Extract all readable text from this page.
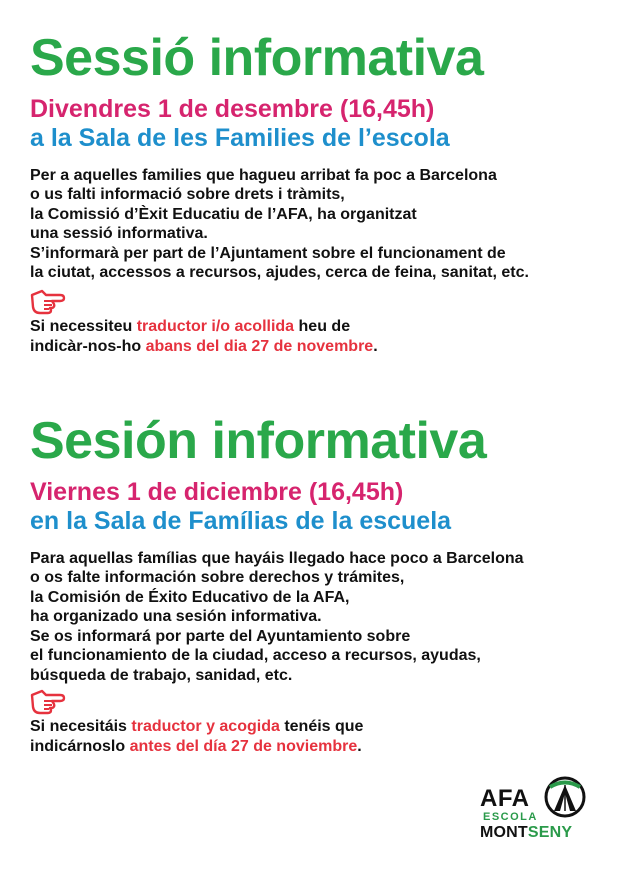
Sessió informativa

Divendres 1 de desembre (16,45h)

a la Sala de les Families de l’escola

Per a aquelles families que hagueu arribat fa poc a Barcelona
o us falti informació sobre drets i tràmits,
la Comissió d’Èxit Educatiu de l’AFA, ha organitzat
una sessió informativa.
S’informarà per part de l’Ajuntament sobre el funcionament de
la ciutat, accessos a recursos, ajudes, cerca de feina, sanitat, etc.

Si necessiteu traductor i/o acollida heu de
indicàr-nos-ho abans del dia 27 de novembre.

Sesión informativa

Viernes 1 de diciembre (16,45h)

en la Sala de Famílias de la escuela

Para aquellas famílias que hayáis llegado hace poco a Barcelona
o os falte información sobre derechos y trámites,
la Comisión de Éxito Educativo de la AFA,
ha organizado una sesión informativa.
Se os informará por parte del Ayuntamiento sobre
el funcionamiento de la ciudad, acceso a recursos, ayudas,
búsqueda de trabajo, sanidad, etc.

Si necesitáis traductor y acogida tenéis que
indicárnoslo antes del día 27 de noviembre.

AFA
ESCOLA
MONTSENY
